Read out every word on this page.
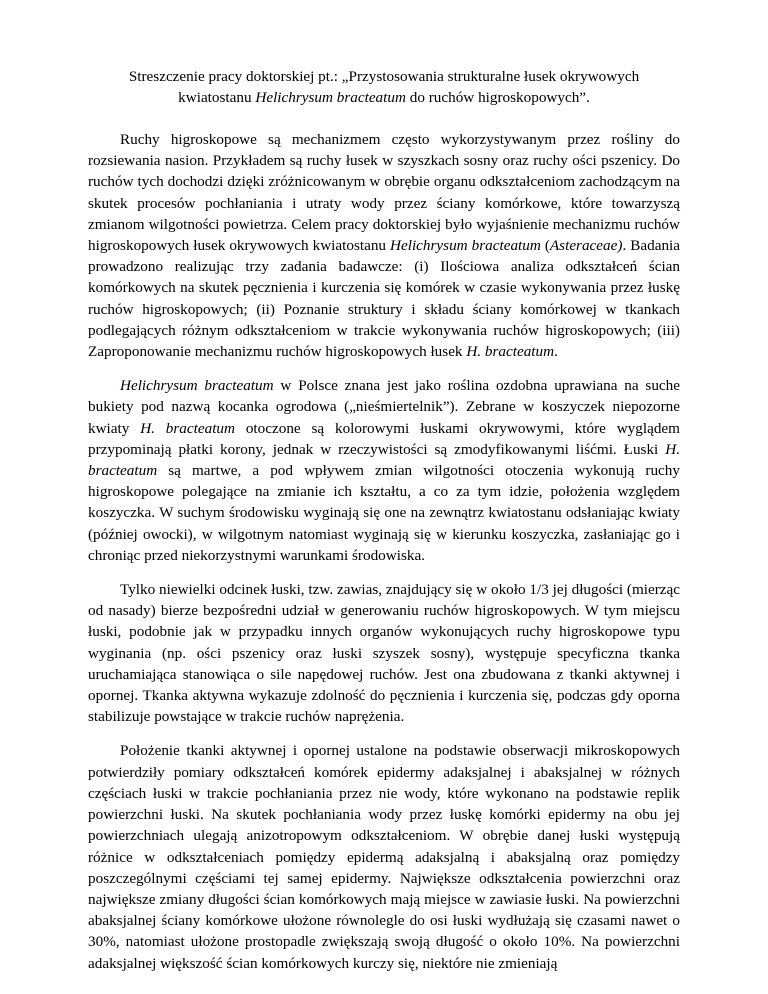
Streszczenie pracy doktorskiej pt.: „Przystosowania strukturalne łusek okrywowych
kwiatostanu Helichrysum bracteatum do ruchów higroskopowych”.

Ruchy higroskopowe są mechanizmem często wykorzystywanym przez rośliny do rozsiewania nasion. Przykładem są ruchy łusek w szyszkach sosny oraz ruchy ości pszenicy. Do ruchów tych dochodzi dzięki zróżnicowanym w obrębie organu odkształceniom zachodzącym na skutek procesów pochłaniania i utraty wody przez ściany komórkowe, które towarzyszą zmianom wilgotności powietrza. Celem pracy doktorskiej było wyjaśnienie mechanizmu ruchów higroskopowych łusek okrywowych kwiatostanu Helichrysum bracteatum (Asteraceae). Badania prowadzono realizując trzy zadania badawcze: (i) Ilościowa analiza odkształceń ścian komórkowych na skutek pęcznienia i kurczenia się komórek w czasie wykonywania przez łuskę ruchów higroskopowych; (ii) Poznanie struktury i składu ściany komórkowej w tkankach podlegających różnym odkształceniom w trakcie wykonywania ruchów higroskopowych; (iii) Zaproponowanie mechanizmu ruchów higroskopowych łusek H. bracteatum.

Helichrysum bracteatum w Polsce znana jest jako roślina ozdobna uprawiana na suche bukiety pod nazwą kocanka ogrodowa („nieśmiertelnik”). Zebrane w koszyczek niepozorne kwiaty H. bracteatum otoczone są kolorowymi łuskami okrywowymi, które wyglądem przypominają płatki korony, jednak w rzeczywistości są zmodyfikowanymi liśćmi. Łuski H. bracteatum są martwe, a pod wpływem zmian wilgotności otoczenia wykonują ruchy higroskopowe polegające na zmianie ich kształtu, a co za tym idzie, położenia względem koszyczka. W suchym środowisku wyginają się one na zewnątrz kwiatostanu odsłaniając kwiaty (później owocki), w wilgotnym natomiast wyginają się w kierunku koszyczka, zasłaniając go i chroniąc przed niekorzystnymi warunkami środowiska.

Tylko niewielki odcinek łuski, tzw. zawias, znajdujący się w około 1/3 jej długości (mierząc od nasady) bierze bezpośredni udział w generowaniu ruchów higroskopowych. W tym miejscu łuski, podobnie jak w przypadku innych organów wykonujących ruchy higroskopowe typu wyginania (np. ości pszenicy oraz łuski szyszek sosny), występuje specyficzna tkanka uruchamiająca stanowiąca o sile napędowej ruchów. Jest ona zbudowana z tkanki aktywnej i opornej. Tkanka aktywna wykazuje zdolność do pęcznienia i kurczenia się, podczas gdy oporna stabilizuje powstające w trakcie ruchów naprężenia.

Położenie tkanki aktywnej i opornej ustalone na podstawie obserwacji mikroskopowych potwierdziły pomiary odkształceń komórek epidermy adaksjalnej i abaksjalnej w różnych częściach łuski w trakcie pochłaniania przez nie wody, które wykonano na podstawie replik powierzchni łuski. Na skutek pochłaniania wody przez łuskę komórki epidermy na obu jej powierzchniach ulegają anizotropowym odkształceniom. W obrębie danej łuski występują różnice w odkształceniach pomiędzy epidermą adaksjalną i abaksjalną oraz pomiędzy poszczególnymi częściami tej samej epidermy. Największe odkształcenia powierzchni oraz największe zmiany długości ścian komórkowych mają miejsce w zawiasie łuski. Na powierzchni abaksjalnej ściany komórkowe ułożone równolegle do osi łuski wydłużają się czasami nawet o 30%, natomiast ułożone prostopadle zwiększają swoją długość o około 10%. Na powierzchni adaksjalnej większość ścian komórkowych kurczy się, niektóre nie zmieniają
